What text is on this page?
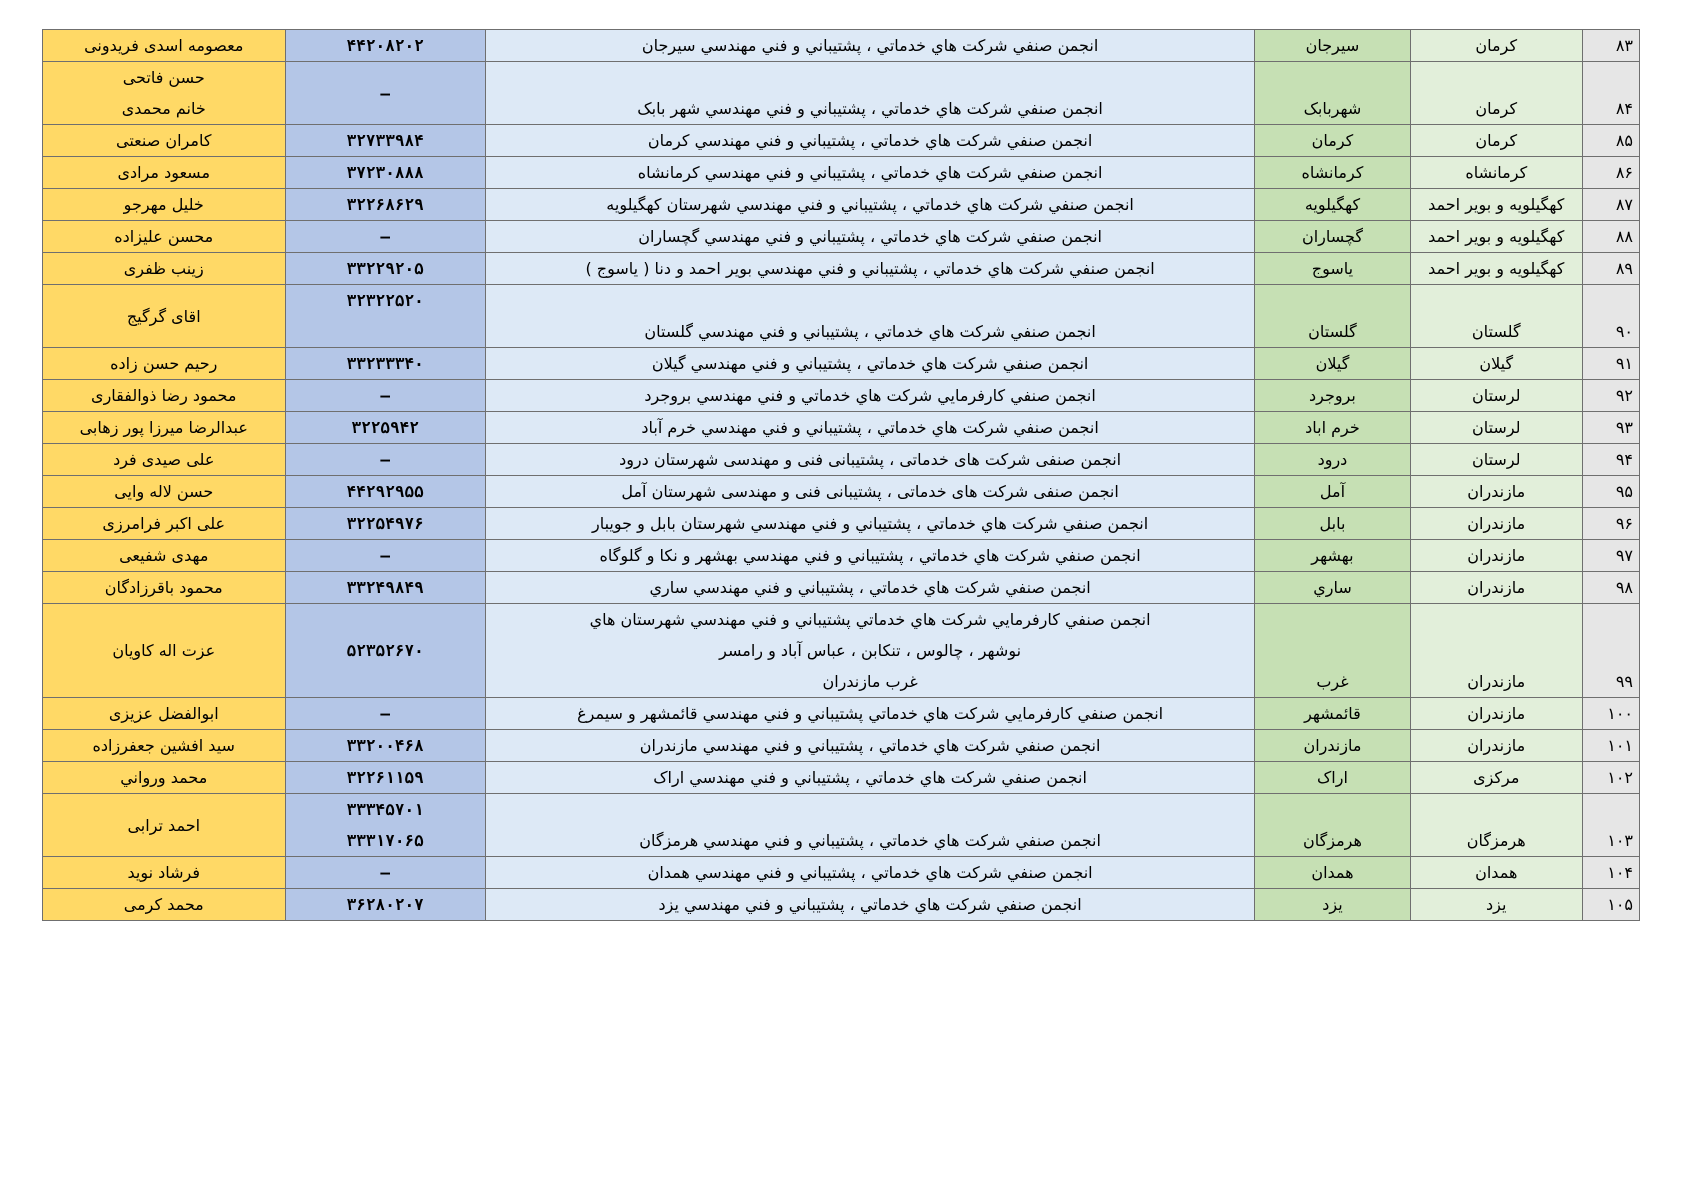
۸۳	کرمان	سیرجان	انجمن صنفي شرکت هاي خدماتي ، پشتيباني و فني مهندسي سيرجان	۴۴۲۰۸۲۰۲	معصومه اسدی فریدونی

۸۴	کرمان	شهربابک	انجمن صنفي شرکت هاي خدماتي ، پشتيباني و فني مهندسي شهر بابک	–	حسن فاتحی
خانم محمدی

۸۵	کرمان	کرمان	انجمن صنفي شرکت هاي خدماتي ، پشتيباني و فني مهندسي کرمان	۳۲۷۳۳۹۸۴	کامران صنعتی

۸۶	کرمانشاه	کرمانشاه	انجمن صنفي شرکت هاي خدماتي ، پشتيباني و فني مهندسي کرمانشاه	۳۷۲۳۰۸۸۸	مسعود مرادی

۸۷	کهگیلویه و بویر احمد	کهگیلویه	انجمن صنفي شرکت هاي خدماتي ، پشتيباني و فني مهندسي شهرستان کهگیلویه	۳۲۲۶۸۶۲۹	خلیل مهرجو

۸۸	کهگیلویه و بویر احمد	گچساران	انجمن صنفي شرکت هاي خدماتي ، پشتيباني و فني مهندسي گچساران	–	محسن علیزاده

۸۹	کهگیلویه و بویر احمد	یاسوج	انجمن صنفي شرکت هاي خدماتي ، پشتيباني و فني مهندسي بویر احمد و دنا ( یاسوج )	۳۳۲۲۹۲۰۵	زینب ظفری

۹۰	گلستان	گلستان	انجمن صنفي شرکت هاي خدماتي ، پشتيباني و فني مهندسي گلستان	۳۲۳۲۲۵۲۰	اقای گرگیج

۹۱	گیلان	گیلان	انجمن صنفي شرکت هاي خدماتي ، پشتيباني و فني مهندسي گیلان	۳۳۲۳۳۳۴۰	رحیم حسن زاده

۹۲	لرستان	بروجرد	انجمن صنفي کارفرمايي شرکت هاي خدماتي و فني مهندسي بروجرد	–	محمود رضا ذوالفقاری

۹۳	لرستان	خرم اباد	انجمن صنفي شرکت هاي خدماتي ، پشتيباني و فني مهندسي خرم آباد	۳۲۲۵۹۴۲	عبدالرضا میرزا پور زهابی

۹۴	لرستان	درود	انجمن صنفی شرکت های خدماتی ، پشتیبانی فنی و مهندسی شهرستان درود	–	علی صیدی فرد

۹۵	مازندران	آمل	انجمن صنفی شرکت های خدماتی ، پشتیبانی فنی و مهندسی شهرستان آمل	۴۴۲۹۲۹۵۵	حسن لاله وایی

۹۶	مازندران	بابل	انجمن صنفي شرکت هاي خدماتي ، پشتيباني و فني مهندسي شهرستان بابل و جويبار	۳۲۲۵۴۹۷۶	علی اکبر فرامرزی

۹۷	مازندران	بهشهر	انجمن صنفي شرکت هاي خدماتي ، پشتيباني و فني مهندسي بهشهر و نکا و گلوگاه	–	مهدی شفیعی

۹۸	مازندران	ساري	انجمن صنفي شرکت هاي خدماتي ، پشتيباني و فني مهندسي ساري	۳۳۲۴۹۸۴۹	محمود باقرزادگان

۹۹	مازندران	غرب	انجمن صنفي کارفرمايي شرکت هاي خدماتي پشتيباني و فني مهندسي شهرستان هاي
نوشهر ، چالوس ، تنکابن ، عباس آباد و رامسر
غرب مازندران	۵۲۳۵۲۶۷۰	عزت اله کاویان

۱۰۰	مازندران	قائمشهر	انجمن صنفي کارفرمايي شرکت هاي خدماتي پشتيباني و فني مهندسي قائمشهر و سيمرغ	–	ابوالفضل عزیزی

۱۰۱	مازندران	مازندران	انجمن صنفي شرکت هاي خدماتي ، پشتيباني و فني مهندسي مازندران	۳۳۲۰۰۴۶۸	سید افشین جعفرزاده

۱۰۲	مرکزی	اراک	انجمن صنفي شرکت هاي خدماتي ، پشتيباني و فني مهندسي اراک	۳۲۲۶۱۱۵۹	محمد ورواني

۱۰۳	هرمزگان	هرمزگان	انجمن صنفي شرکت هاي خدماتي ، پشتيباني و فني مهندسي هرمزگان	۳۳۳۴۵۷۰۱
۳۳۳۱۷۰۶۵	احمد ترابی

۱۰۴	همدان	همدان	انجمن صنفي شرکت هاي خدماتي ، پشتيباني و فني مهندسي همدان	–	فرشاد نوید

۱۰۵	یزد	یزد	انجمن صنفي شرکت هاي خدماتي ، پشتيباني و فني مهندسي يزد	۳۶۲۸۰۲۰۷	محمد کرمی
